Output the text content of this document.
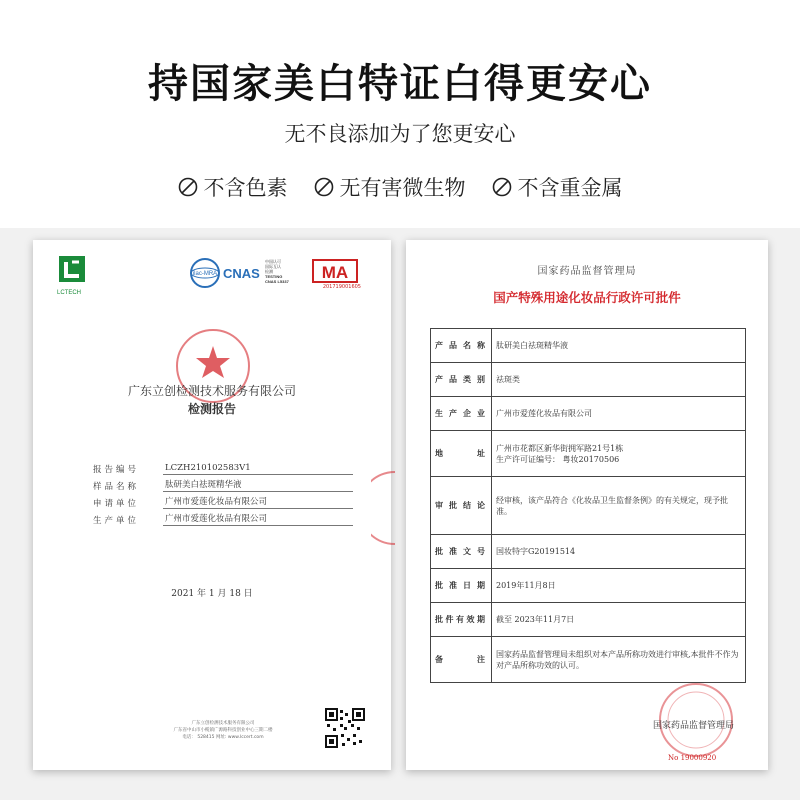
持国家美白特证白得更安心
无不良添加为了您更安心
不含色素 无有害微生物 不含重金属
LCTECH
ilac-MRA CNAS
中国认可
国际互认
检测
TESTING
CNAS L5337 MA
201719001605
广东立创检测技术服务有限公司
检测报告
报告编号	LCZH210102583V1
样品名称	肽研美白祛斑精华液
申请单位	广州市爱莲化妆品有限公司
生产单位	广州市爱莲化妆品有限公司
2021 年 1 月 18 日
广东立创检测技术服务有限公司
广东省中山市小榄镇广源路科技创业中心三期二楼
电话： 528415 网址: www.lccert.com
国家药品监督管理局
国产特殊用途化妆品行政许可批件
产品名称	肽研美白祛斑精华液
产品类别	祛斑类
生产企业	广州市爱莲化妆品有限公司
地址	广州市花都区新华街拥军路21号1栋
生产许可证编号： 粤妆20170506

审批结论	经审核，该产品符合《化妆品卫生监督条例》的有关规定，现予批准。
批准文号	国妆特字G20191514
批准日期	2019年11月8日
批件有效期	截至 2023年11月7日
备注	国家药品监督管理局未组织对本产品所称功效进行审核,本批件不作为对产品所称功效的认可。
国家药品监督管理局
No 19000920
